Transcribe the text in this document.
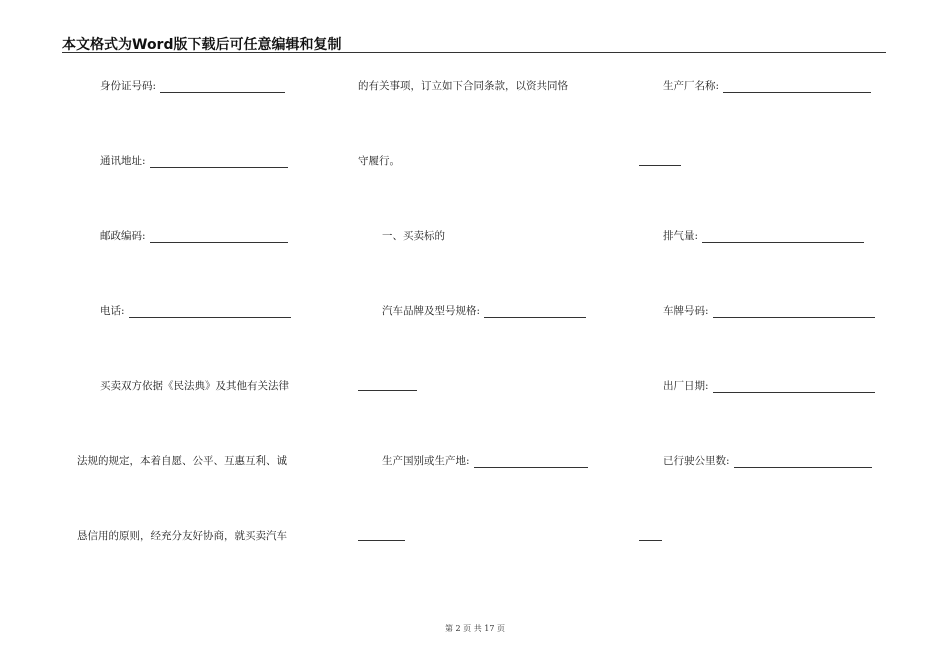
本文格式为Word版下载后可任意编辑和复制
身份证号码:
通讯地址:
邮政编码:
电话:
买卖双方依据《民法典》及其他有关法律
法规的规定，本着自愿、公平、互惠互利、诚
恳信用的原则，经充分友好协商，就买卖汽车
的有关事项，订立如下合同条款，以资共同恪
守履行。
一、买卖标的
汽车品牌及型号规格:
生产国别或生产地:
生产厂名称:
排气量:
车牌号码:
出厂日期:
已行驶公里数:
第 2 页 共 17 页
